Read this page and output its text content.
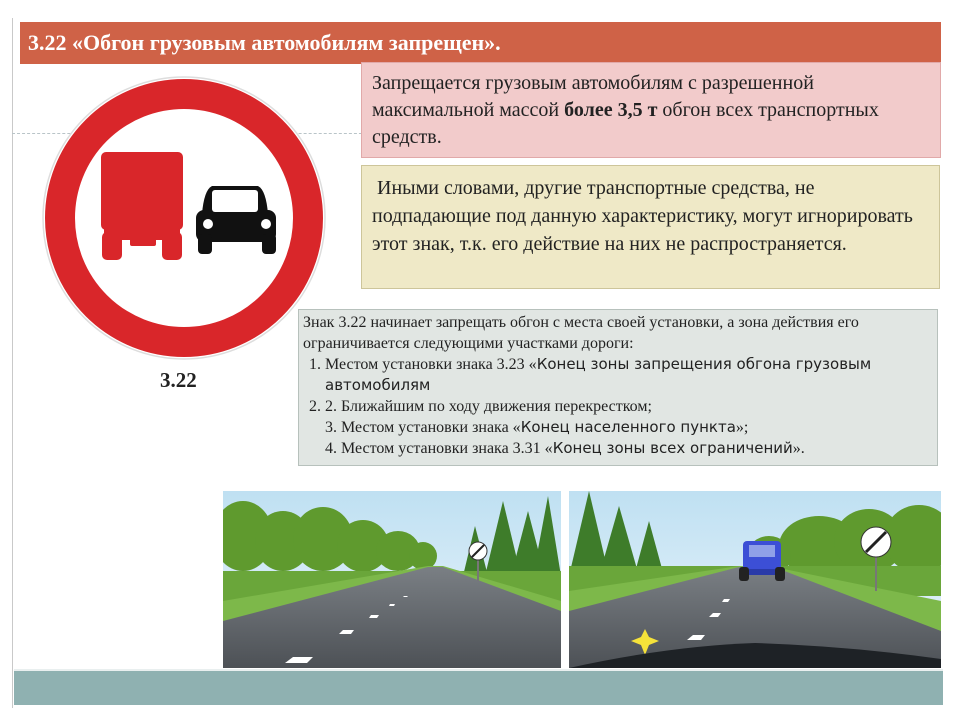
3.22 «Обгон грузовым автомобилям запрещен».
3.22
Запрещается грузовым автомобилям с разрешенной максимальной массой более 3,5 т обгон всех транспортных средств.
Иными словами, другие транспортные средства, не подпадающие под данную характеристику, могут игнорировать этот знак, т.к. его действие на них не распространяется.
Знак 3.22 начинает запрещать обгон с места своей установки, а зона действия его ограничивается следующими участками дороги:
1. Местом установки знака 3.23 «Конец зоны запрещения обгона грузовым автомобилям
2. 2. Ближайшим по ходу движения перекрестком;
3. Местом установки знака «Конец населенного пункта»;
4. Местом установки знака 3.31 «Конец зоны всех ограничений».
